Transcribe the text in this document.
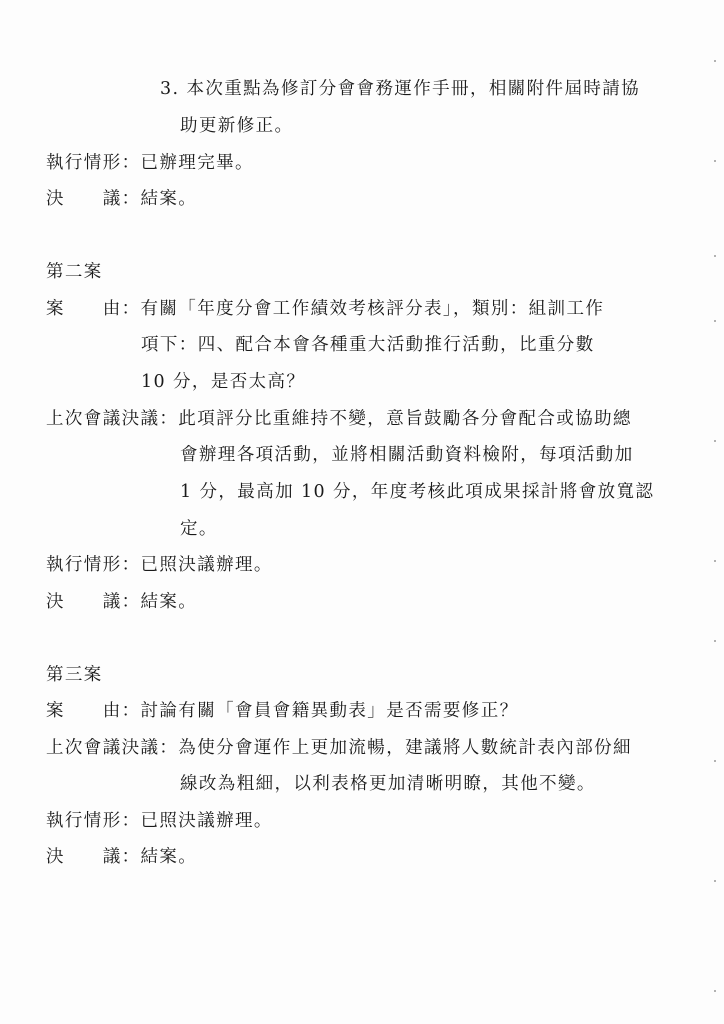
3. 本次重點為修訂分會會務運作手冊，相關附件屆時請協
助更新修正。
執行情形：已辦理完畢。
決　　議：結案。
第二案
案　　由：有關「年度分會工作績效考核評分表」，類別：組訓工作
項下：四、配合本會各種重大活動推行活動，比重分數
10 分，是否太高？
上次會議決議：此項評分比重維持不變，意旨鼓勵各分會配合或協助總
會辦理各項活動，並將相關活動資料檢附，每項活動加
1 分，最高加 10 分，年度考核此項成果採計將會放寬認
定。
執行情形：已照決議辦理。
決　　議：結案。
第三案
案　　由：討論有關「會員會籍異動表」是否需要修正？
上次會議決議：為使分會運作上更加流暢，建議將人數統計表內部份細
線改為粗細，以利表格更加清晰明瞭，其他不變。
執行情形：已照決議辦理。
決　　議：結案。
